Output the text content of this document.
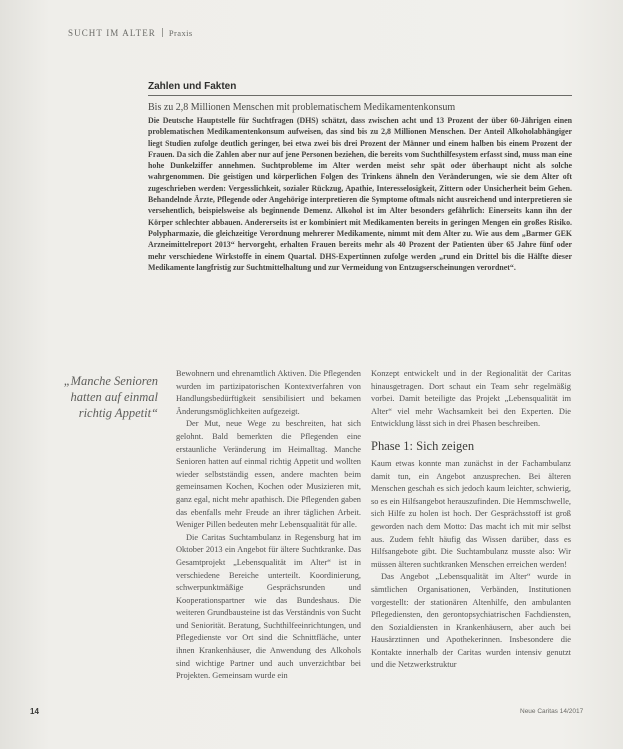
SUCHT IM ALTER Praxis
Zahlen und Fakten
Bis zu 2,8 Millionen Menschen mit problematischem Medikamentenkonsum
Die Deutsche Hauptstelle für Suchtfragen (DHS) schätzt, dass zwischen acht und 13 Prozent der über 60-Jährigen einen problematischen Medikamentenkonsum aufweisen, das sind bis zu 2,8 Millionen Menschen. Der Anteil Alkoholabhängiger liegt Studien zufolge deutlich geringer, bei etwa zwei bis drei Prozent der Männer und einem halben bis einem Prozent der Frauen. Da sich die Zahlen aber nur auf jene Personen beziehen, die bereits vom Suchthilfesystem erfasst sind, muss man eine hohe Dunkelziffer annehmen. Suchtprobleme im Alter werden meist sehr spät oder überhaupt nicht als solche wahrgenommen. Die geistigen und körperlichen Folgen des Trinkens ähneln den Veränderungen, wie sie dem Alter oft zugeschrieben werden: Vergesslichkeit, sozialer Rückzug, Apathie, Interesselosigkeit, Zittern oder Unsicherheit beim Gehen. Behandelnde Ärzte, Pflegende oder Angehörige interpretieren die Symptome oftmals nicht ausreichend und interpretieren sie versehentlich, beispielsweise als beginnende Demenz. Alkohol ist im Alter besonders gefährlich: Einerseits kann ihn der Körper schlechter abbauen. Andererseits ist er kombiniert mit Medikamenten bereits in geringen Mengen ein großes Risiko. Polypharmazie, die gleichzeitige Verordnung mehrerer Medikamente, nimmt mit dem Alter zu. Wie aus dem „Barmer GEK Arzneimittelreport 2013“ hervorgeht, erhalten Frauen bereits mehr als 40 Prozent der Patienten über 65 Jahre fünf oder mehr verschiedene Wirkstoffe in einem Quartal. DHS-Expertinnen zufolge werden „rund ein Drittel bis die Hälfte dieser Medikamente langfristig zur Suchtmittelhaltung und zur Vermeidung von Entzugserscheinungen verordnet“.
„Manche Senioren hatten auf einmal richtig Appetit“

Bewohnern und ehrenamtlich Aktiven. Die Pflegenden wurden im partizipatorischen Kontextverfahren von Handlungsbedürftigkeit sensibilisiert und bekamen Änderungsmöglichkeiten aufgezeigt.

Der Mut, neue Wege zu beschreiten, hat sich gelohnt. Bald bemerkten die Pflegenden eine erstaunliche Veränderung im Heimalltag. Manche Senioren hatten auf einmal richtig Appetit und wollten wieder selbstständig essen, andere machten beim gemeinsamen Kochen, Kochen oder Musizieren mit, ganz egal, nicht mehr apathisch. Die Pflegenden gaben das ebenfalls mehr Freude an ihrer täglichen Arbeit. Weniger Pillen bedeuten mehr Lebensqualität für alle.

Die Caritas Suchtambulanz in Regensburg hat im Oktober 2013 ein Angebot für ältere Suchtkranke. Das Gesamtprojekt „Lebensqualität im Alter“ ist in verschiedene Bereiche unterteilt. Koordinierung, schwerpunktmäßige Gesprächsrunden und Kooperationspartner wie das Bundeshaus. Die weiteren Grundbausteine ist das Verständnis von Sucht und Seniorität. Beratung, Suchthilfeeinrichtungen, und Pflegedienste vor Ort sind die Schnittfläche, unter ihnen Krankenhäuser, die Anwendung des Alkohols sind wichtige Partner und auch unverzichtbar bei Projekten. Gemeinsam wurde ein

Konzept entwickelt und in der Regionalität der Caritas hinausgetragen. Dort schaut ein Team sehr regelmäßig vorbei. Damit beteiligte das Projekt „Lebensqualität im Alter“ viel mehr Wachsamkeit bei den Experten. Die Entwicklung lässt sich in drei Phasen beschreiben.

Phase 1: Sich zeigen

Kaum etwas konnte man zunächst in der Fachambulanz damit tun, ein Angebot anzusprechen. Bei älteren Menschen geschah es sich jedoch kaum leichter, schwierig, so es ein Hilfsangebot herauszufinden. Die Hemmschwelle, sich Hilfe zu holen ist hoch. Der Gesprächsstoff ist groß geworden nach dem Motto: Das macht ich mit mir selbst aus. Zudem fehlt häufig das Wissen darüber, dass es Hilfsangebote gibt. Die Suchtambulanz musste also: Wir müssen älteren suchtkranken Menschen erreichen werden!

Das Angebot „Lebensqualität im Alter“ wurde in sämtlichen Organisationen, Verbänden, Institutionen vorgestellt: der stationären Altenhilfe, den ambulanten Pflegediensten, den gerontopsychiatrischen Fachdiensten, den Sozialdiensten in Krankenhäusern, aber auch bei Hausärztinnen und Apothekerinnen. Insbesondere die Kontakte innerhalb der Caritas wurden intensiv genutzt und die Netzwerkstruktur

14	Neue Caritas 14/2017
